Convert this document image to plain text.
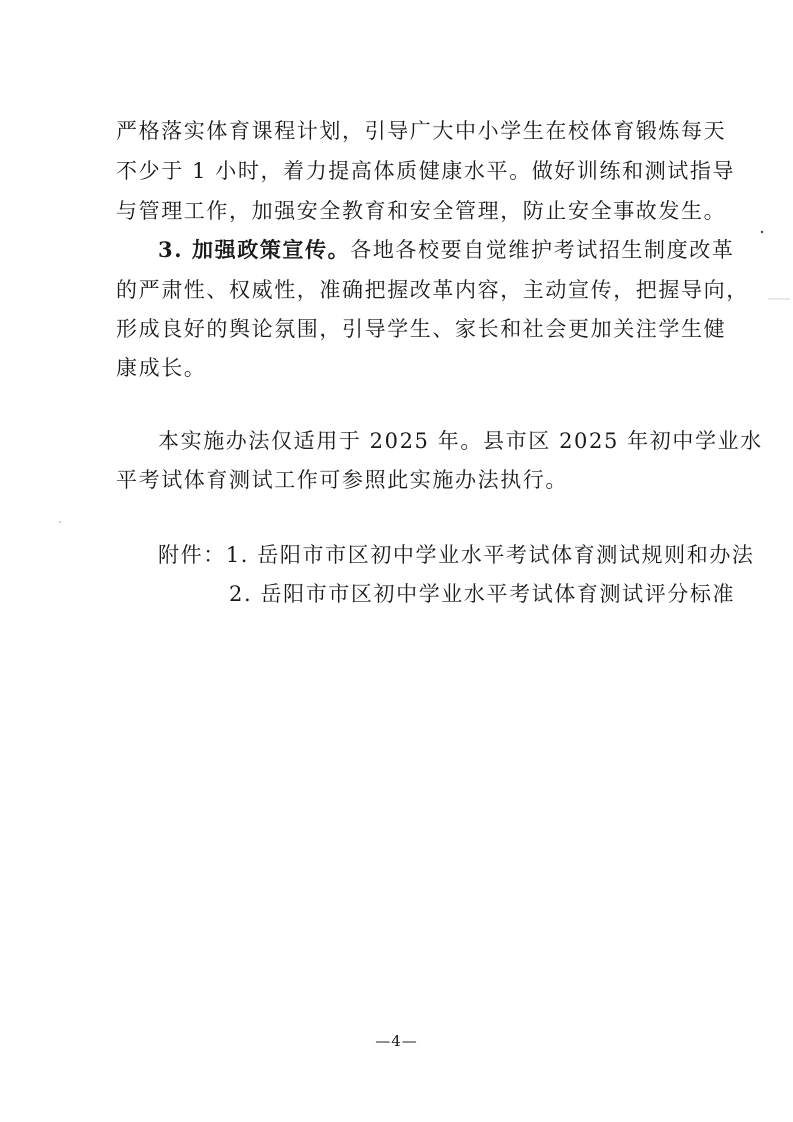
严格落实体育课程计划，引导广大中小学生在校体育锻炼每天
不少于 1 小时，着力提高体质健康水平。做好训练和测试指导
与管理工作，加强安全教育和安全管理，防止安全事故发生。
3. 加强政策宣传。各地各校要自觉维护考试招生制度改革
的严肃性、权威性，准确把握改革内容，主动宣传，把握导向，
形成良好的舆论氛围，引导学生、家长和社会更加关注学生健
康成长。
本实施办法仅适用于 2025 年。县市区 2025 年初中学业水
平考试体育测试工作可参照此实施办法执行。
附件：1. 岳阳市市区初中学业水平考试体育测试规则和办法
2. 岳阳市市区初中学业水平考试体育测试评分标准
—4—
